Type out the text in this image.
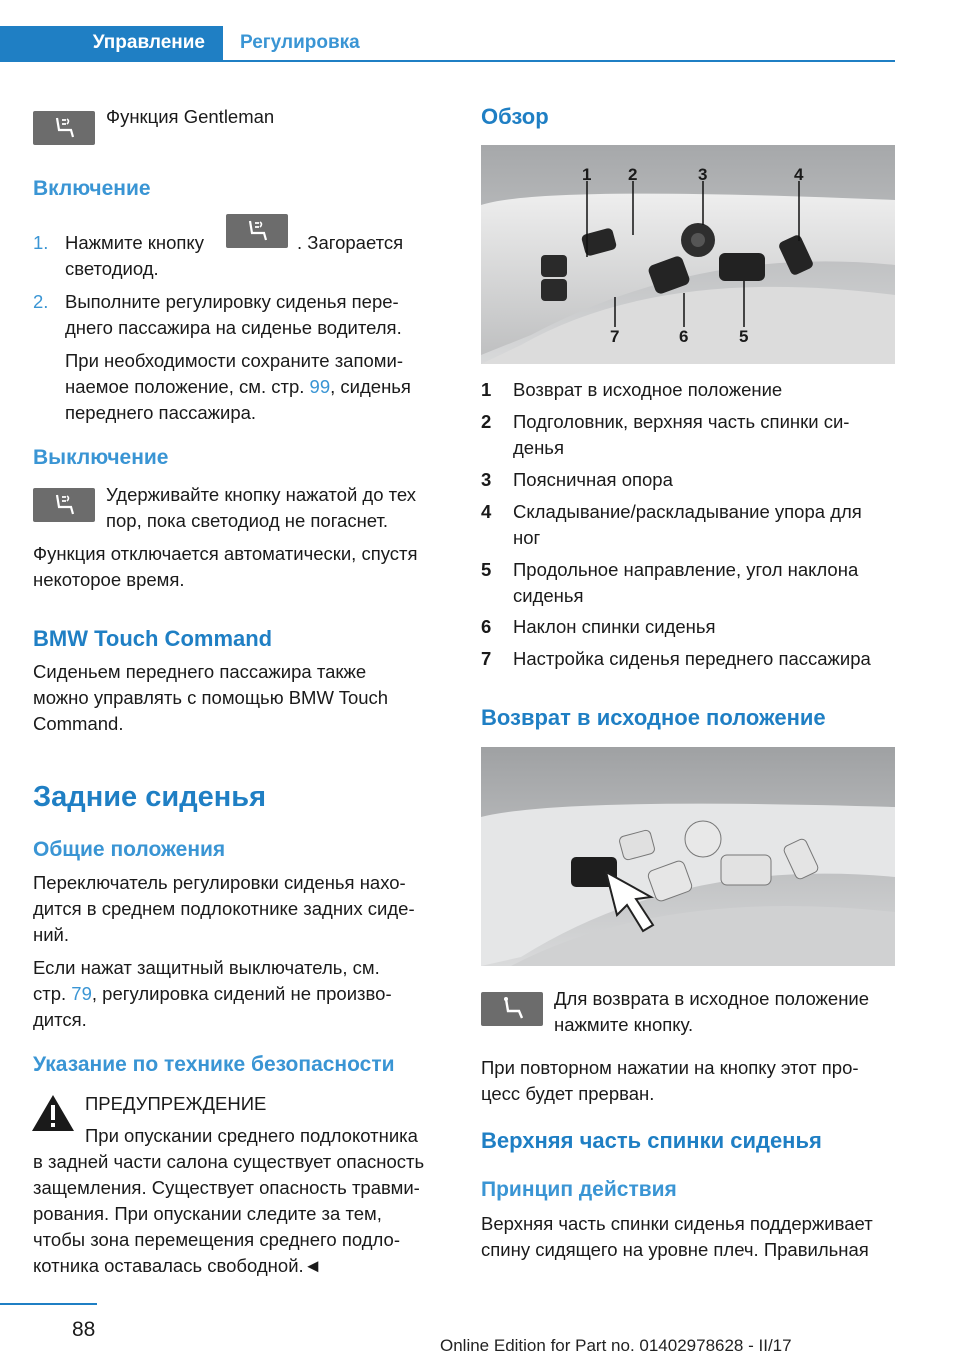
Управление	Регулировка
Функция Gentleman
Включение
1. Нажмите кнопку	. Загорается
светодиод.
2. Выполните регулировку сиденья пере‐
днего пассажира на сиденье водителя.
При необходимости сохраните запоми‐
наемое положение, см. стр. 99, сиденья
переднего пассажира.
Выключение
Удерживайте кнопку нажатой до тех
пор, пока светодиод не погаснет.
Функция отключается автоматически, спустя
некоторое время.
BMW Touch Command
Сиденьем переднего пассажира также
можно управлять с помощью BMW Touch
Command.
Задние сиденья
Общие положения
Переключатель регулировки сиденья нахо‐
дится в среднем подлокотнике задних сиде‐
ний.
Если нажат защитный выключатель, см.
стр. 79, регулировка сидений не произво‐
дится.
Указание по технике безопасности
ПРЕДУПРЕЖДЕНИЕ
При опускании среднего подлокотника
в задней части салона существует опасность
защемления. Существует опасность травми‐
рования. При опускании следите за тем,
чтобы зона перемещения среднего подло‐
котника оставалась свободной.◄
Обзор
1 2	3	4
7	6	5
1 Возврат в исходное положение
2 Подголовник, верхняя часть спинки си‐
денья
3 Поясничная опора
4 Складывание/раскладывание упора для
ног
5 Продольное направление, угол наклона
сиденья
6 Наклон спинки сиденья
7 Настройка сиденья переднего пассажира
Возврат в исходное положение
Для возврата в исходное положение
нажмите кнопку.
При повторном нажатии на кнопку этот про‐
цесс будет прерван.
Верхняя часть спинки сиденья
Принцип действия
Верхняя часть спинки сиденья поддерживает
спину сидящего на уровне плеч. Правильная
88
Online Edition for Part no. 01402978628 - II/17
